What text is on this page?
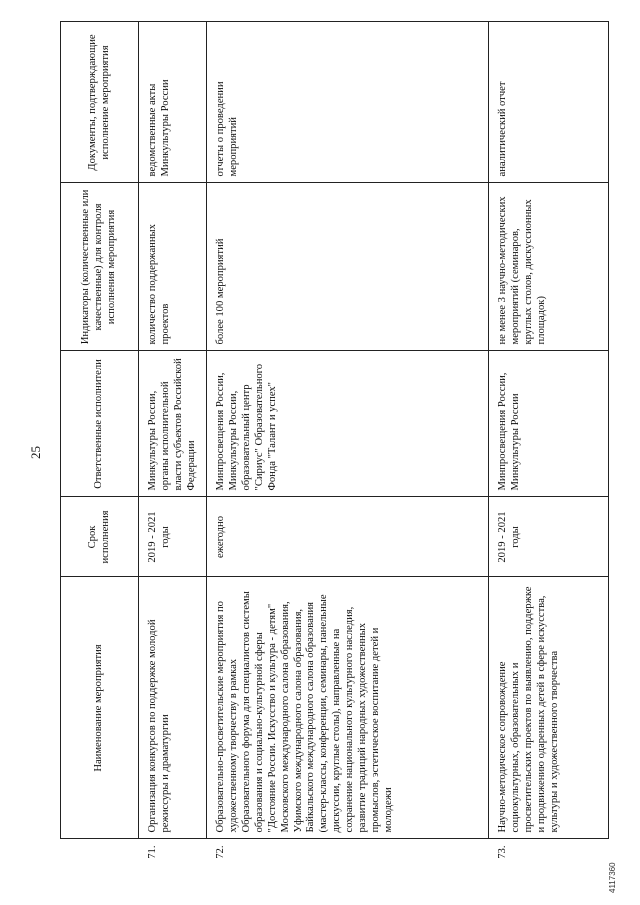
25
	Наименование мероприятия	Срок исполнения	Ответственные исполнители	Индикаторы (количественные или качественные) для контроля исполнения мероприятия	Документы, подтверждающие исполнение мероприятия
71.	Организация конкурсов по поддержке молодой режиссуры и драматургии	2019 - 2021 годы	Минкультуры России, органы исполнительной власти субъектов Российской Федерации	количество поддержанных проектов	ведомственные акты Минкультуры России
72.	Образовательно-просветительские мероприятия по художественному творчеству в рамках Образовательного форума для специалистов системы образования и социально-культурной сферы "Достояние России. Искусство и культура - детям" Московского международного салона образования, Уфимского международного салона образования, Байкальского международного салона образования (мастер-классы, конференции, семинары, панельные дискуссии, круглые столы), направленные на сохранение национального культурного наследия, развитие традиций народных художественных промыслов, эстетическое воспитание детей и молодежи	ежегодно	Минпросвещения России, Минкультуры России, образовательный центр "Сириус" Образовательного Фонда "Талант и успех"	более 100 мероприятий	отчеты о проведении мероприятий
73.	Научно-методическое сопровождение социокультурных, образовательных и просветительских проектов по выявлению, поддержке и продвижению одаренных детей в сфере искусства, культуры и художественного творчества	2019 - 2021 годы	Минпросвещения России, Минкультуры России	не менее 3 научно-методических мероприятий (семинаров, круглых столов, дискуссионных площадок)	аналитический отчет
4117360
